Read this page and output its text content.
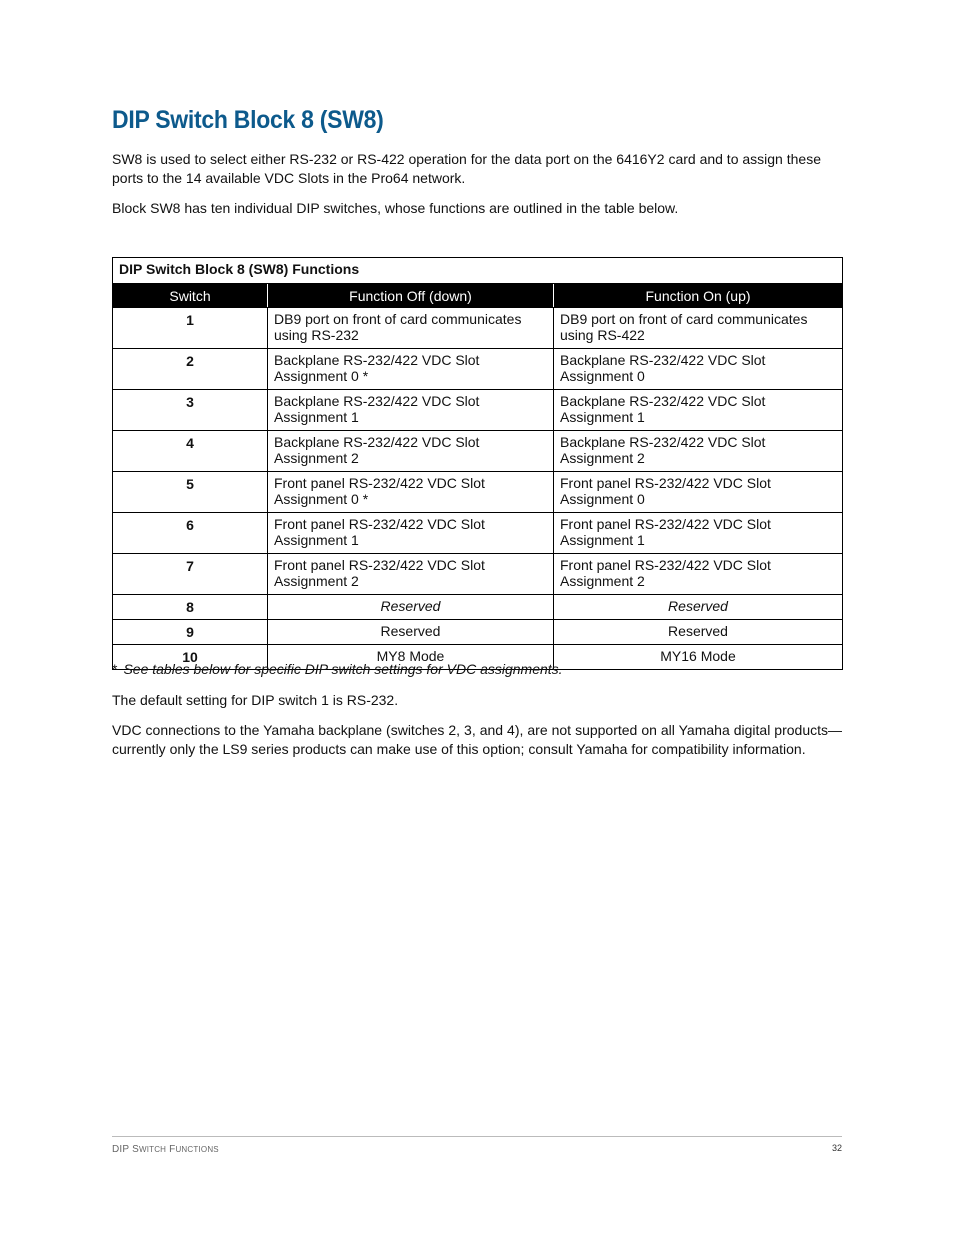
DIP Switch Block 8 (SW8)

SW8 is used to select either RS-232 or RS-422 operation for the data port on the 6416Y2 card and to assign these ports to the 14 available VDC Slots in the Pro64 network.

Block SW8 has ten individual DIP switches, whose functions are outlined in the table below.

DIP Switch Block 8 (SW8) Functions		
Switch	Function Off (down)	Function On (up)
1	DB9 port on front of card communicates using RS-232	DB9 port on front of card communicates using RS-422
2	Backplane RS-232/422 VDC Slot Assignment 0 *	Backplane RS-232/422 VDC Slot Assignment 0
3	Backplane RS-232/422 VDC Slot Assignment 1	Backplane RS-232/422 VDC Slot Assignment 1
4	Backplane RS-232/422 VDC Slot Assignment 2	Backplane RS-232/422 VDC Slot Assignment 2
5	Front panel RS-232/422 VDC Slot Assignment 0 *	Front panel RS-232/422 VDC Slot Assignment 0
6	Front panel RS-232/422 VDC Slot Assignment 1	Front panel RS-232/422 VDC Slot Assignment 1
7	Front panel RS-232/422 VDC Slot Assignment 2	Front panel RS-232/422 VDC Slot Assignment 2
8	Reserved	Reserved
9	Reserved	Reserved
10	MY8 Mode	MY16 Mode

* See tables below for specific DIP switch settings for VDC assignments.

The default setting for DIP switch 1 is RS-232.

VDC connections to the Yamaha backplane (switches 2, 3, and 4), are not supported on all Yamaha digital products—currently only the LS9 series products can make use of this option; consult Yamaha for compatibility information.

DIP SWITCH FUNCTIONS	32
